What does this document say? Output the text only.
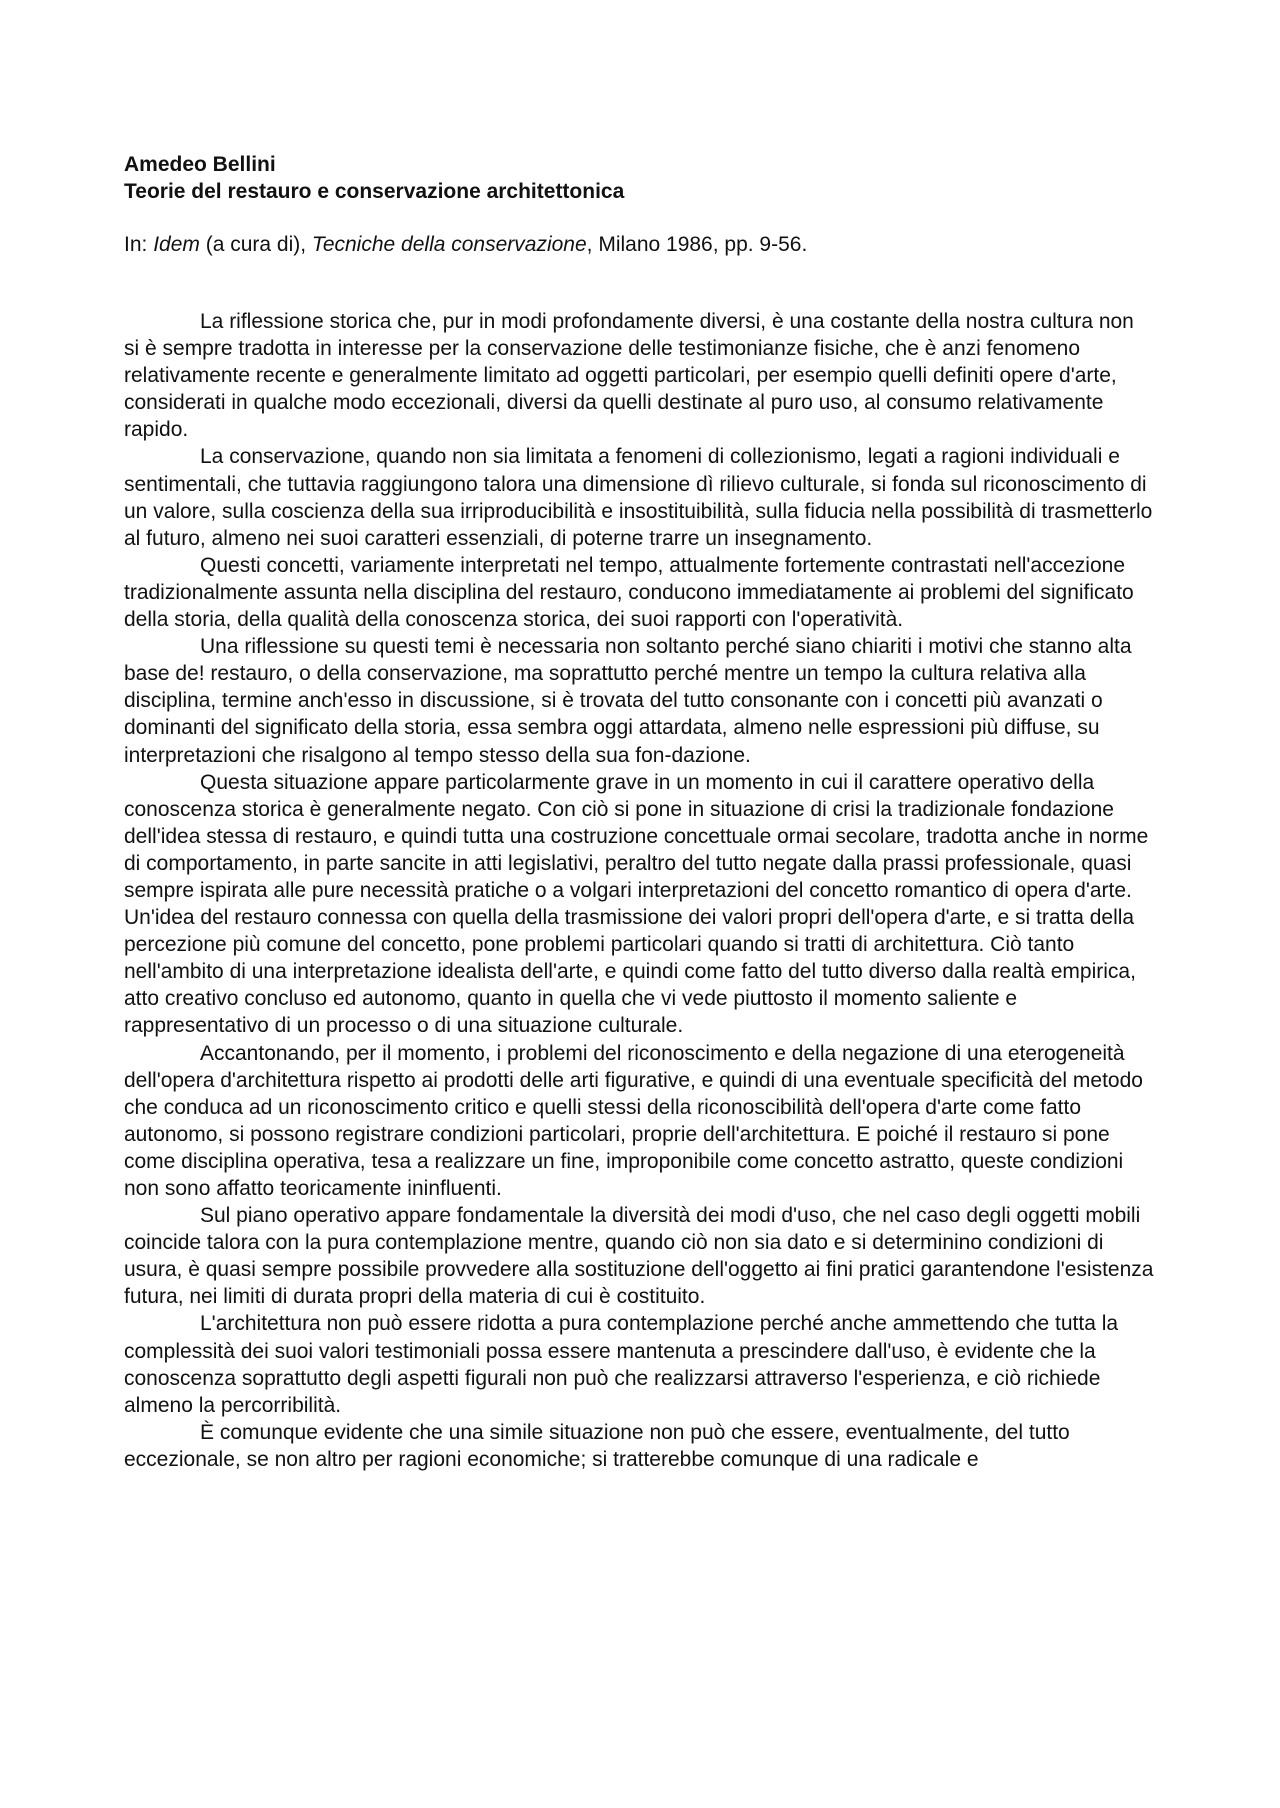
Amedeo Bellini

Teorie del restauro e conservazione architettonica

In: Idem (a cura di), Tecniche della conservazione, Milano 1986, pp. 9-56.

La riflessione storica che, pur in modi profondamente diversi, è una costante della nostra cultura non si è sempre tradotta in interesse per la conservazione delle testimonianze fisiche, che è anzi fenomeno relativamente recente e generalmente limitato ad oggetti particolari, per esempio quelli definiti opere d'arte, considerati in qualche modo eccezionali, diversi da quelli destinate al puro uso, al consumo relativamente rapido.

La conservazione, quando non sia limitata a fenomeni di collezionismo, legati a ragioni individuali e sentimentali, che tuttavia raggiungono talora una dimensione dì rilievo culturale, si fonda sul riconoscimento di un valore, sulla coscienza della sua irriproducibilità e insostituibilità, sulla fiducia nella possibilità di trasmetterlo al futuro, almeno nei suoi caratteri essenziali, di poterne trarre un insegnamento.

Questi concetti, variamente interpretati nel tempo, attualmente fortemente contrastati nell'accezione tradizionalmente assunta nella disciplina del restauro, conducono immediatamente ai problemi del significato della storia, della qualità della conoscenza storica, dei suoi rapporti con l'operatività.

Una riflessione su questi temi è necessaria non soltanto perché siano chiariti i motivi che stanno alta base de! restauro, o della conservazione, ma soprattutto perché mentre un tempo la cultura relativa alla disciplina, termine anch'esso in discussione, si è trovata del tutto consonante con i concetti più avanzati o dominanti del significato della storia, essa sembra oggi attardata, almeno nelle espressioni più diffuse, su interpretazioni che risalgono al tempo stesso della sua fon-dazione.

Questa situazione appare particolarmente grave in un momento in cui il carattere operativo della conoscenza storica è generalmente negato. Con ciò si pone in situazione di crisi la tradizionale fondazione dell'idea stessa di restauro, e quindi tutta una costruzione concettuale ormai secolare, tradotta anche in norme di comportamento, in parte sancite in atti legislativi, peraltro del tutto negate dalla prassi professionale, quasi sempre ispirata alle pure necessità pratiche o a volgari interpretazioni del concetto romantico di opera d'arte.

Un'idea del restauro connessa con quella della trasmissione dei valori propri dell'opera d'arte, e si tratta della percezione più comune del concetto, pone problemi particolari quando si tratti di architettura. Ciò tanto nell'ambito di una interpretazione idealista dell'arte, e quindi come fatto del tutto diverso dalla realtà empirica, atto creativo concluso ed autonomo, quanto in quella che vi vede piuttosto il momento saliente e rappresentativo di un processo o di una situazione culturale.

Accantonando, per il momento, i problemi del riconoscimento e della negazione di una eterogeneità dell'opera d'architettura rispetto ai prodotti delle arti figurative, e quindi di una eventuale specificità del metodo che conduca ad un riconoscimento critico e quelli stessi della riconoscibilità dell'opera d'arte come fatto autonomo, si possono registrare condizioni particolari, proprie dell'architettura. E poiché il restauro si pone come disciplina operativa, tesa a realizzare un fine, improponibile come concetto astratto, queste condizioni non sono affatto teoricamente ininfluenti.

Sul piano operativo appare fondamentale la diversità dei modi d'uso, che nel caso degli oggetti mobili coincide talora con la pura contemplazione mentre, quando ciò non sia dato e si determinino condizioni di usura, è quasi sempre possibile provvedere alla sostituzione dell'oggetto ai fini pratici garantendone l'esistenza futura, nei limiti di durata propri della materia di cui è costituito.

L'architettura non può essere ridotta a pura contemplazione perché anche ammettendo che tutta la complessità dei suoi valori testimoniali possa essere mantenuta a prescindere dall'uso, è evidente che la conoscenza soprattutto degli aspetti figurali non può che realizzarsi attraverso l'esperienza, e ciò richiede almeno la percorribilità.

È comunque evidente che una simile situazione non può che essere, eventualmente, del tutto eccezionale, se non altro per ragioni economiche; si tratterebbe comunque di una radicale e
